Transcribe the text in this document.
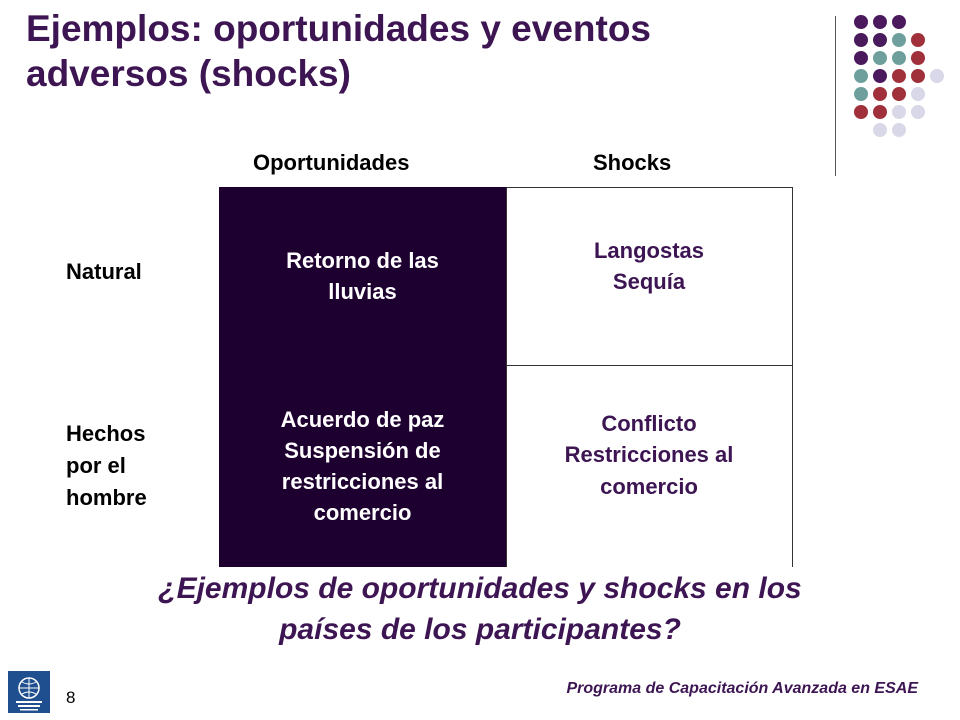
Ejemplos: oportunidades y eventos
adversos (shocks)
Oportunidades	Shocks
Natural
Hechos
por el
hombre
Retorno de las
lluvias
Langostas
Sequía
Acuerdo de paz
Suspensión de
restricciones al
comercio
Conflicto
Restricciones al
comercio
¿Ejemplos de oportunidades y shocks en los
países de los participantes?
8	Programa de Capacitación Avanzada en ESAE
